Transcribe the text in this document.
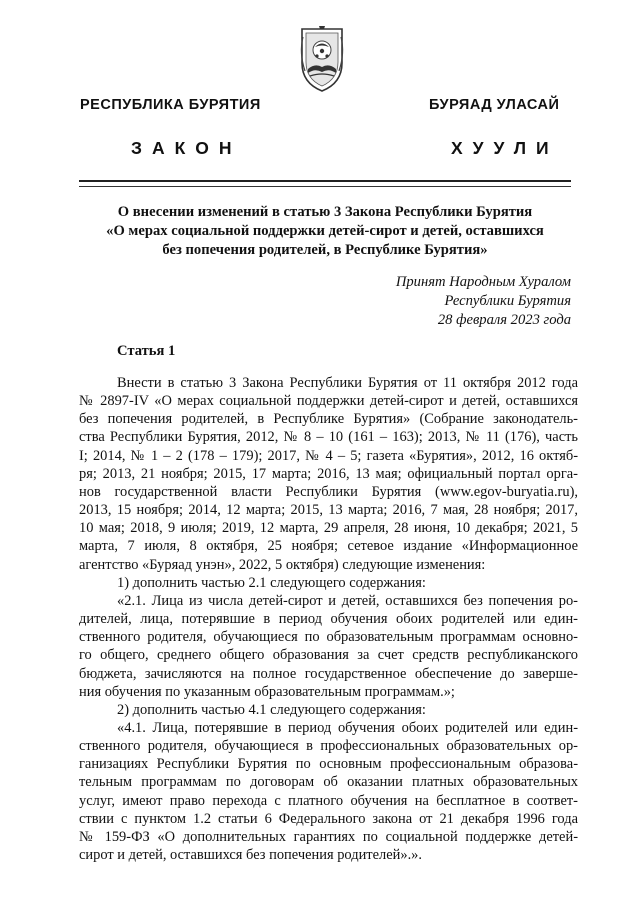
РЕСПУБЛИКА БУРЯТИЯ	БУРЯАД УЛАСАЙ
ЗАКОН	ХУУЛИ
О внесении изменений в статью 3 Закона Республики Бурятия
«О мерах социальной поддержки детей-сирот и детей, оставшихся
без попечения родителей, в Республике Бурятия»
Принят Народным Хуралом
Республики Бурятия
28 февраля 2023 года
Статья 1
Внести в статью 3 Закона Республики Бурятия от 11 октября 2012 года
№ 2897-IV «О мерах социальной поддержки детей-сирот и детей, оставшихся
без попечения родителей, в Республике Бурятия» (Собрание законодатель-
ства Республики Бурятия, 2012, № 8 – 10 (161 – 163); 2013, № 11 (176), часть
I; 2014, № 1 – 2 (178 – 179); 2017, № 4 – 5; газета «Бурятия», 2012, 16 октяб-
ря; 2013, 21 ноября; 2015, 17 марта; 2016, 13 мая; официальный портал орга-
нов государственной власти Республики Бурятия (www.egov-buryatia.ru),
2013, 15 ноября; 2014, 12 марта; 2015, 13 марта; 2016, 7 мая, 28 ноября; 2017,
10 мая; 2018, 9 июля; 2019, 12 марта, 29 апреля, 28 июня, 10 декабря; 2021, 5
марта, 7 июля, 8 октября, 25 ноября; сетевое издание «Информационное
агентство «Буряад унэн», 2022, 5 октября) следующие изменения:
1) дополнить частью 2.1 следующего содержания:
«2.1. Лица из числа детей-сирот и детей, оставшихся без попечения ро-
дителей, лица, потерявшие в период обучения обоих родителей или един-
ственного родителя, обучающиеся по образовательным программам основно-
го общего, среднего общего образования за счет средств республиканского
бюджета, зачисляются на полное государственное обеспечение до заверше-
ния обучения по указанным образовательным программам.»;
2) дополнить частью 4.1 следующего содержания:
«4.1. Лица, потерявшие в период обучения обоих родителей или един-
ственного родителя, обучающиеся в профессиональных образовательных ор-
ганизациях Республики Бурятия по основным профессиональным образова-
тельным программам по договорам об оказании платных образовательных
услуг, имеют право перехода с платного обучения на бесплатное в соответ-
ствии с пунктом 1.2 статьи 6 Федерального закона от 21 декабря 1996 года
№ 159-ФЗ «О дополнительных гарантиях по социальной поддержке детей-
сирот и детей, оставшихся без попечения родителей».».
